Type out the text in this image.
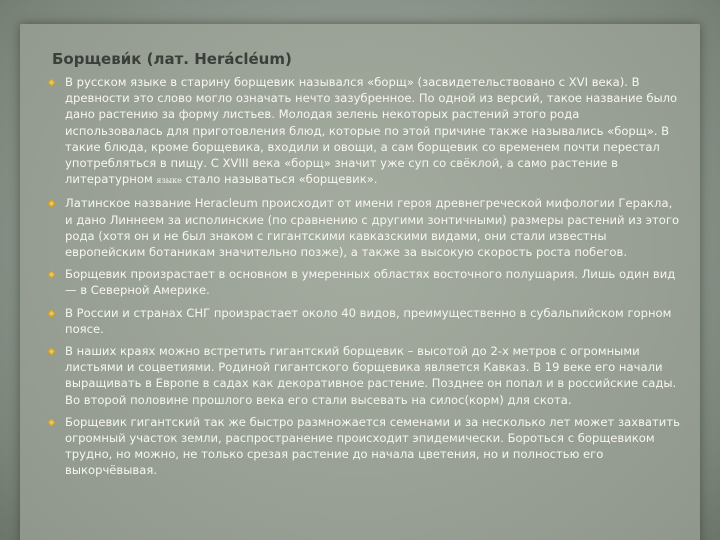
Борщеви́к (лат. Herácléum)

В русском языке в старину борщевик назывался «борщ» (засвидетельствовано с XVI века). В древности это слово могло означать нечто зазубренное. По одной из версий, такое название было дано растению за форму листьев. Молодая зелень некоторых растений этого рода использовалась для приготовления блюд, которые по этой причине также назывались «борщ». В такие блюда, кроме борщевика, входили и овощи, а сам борщевик со временем почти перестал употребляться в пищу. С XVIII века «борщ» значит уже суп со свёклой, а само растение в литературном языке стало называться «борщевик».

Латинское название Heracleum происходит от имени героя древнегреческой мифологии Геракла, и дано Линнеем за исполинские (по сравнению с другими зонтичными) размеры растений из этого рода (хотя он и не был знаком с гигантскими кавказскими видами, они стали известны европейским ботаникам значительно позже), а также за высокую скорость роста побегов.

Борщевик произрастает в основном в умеренных областях восточного полушария. Лишь один вид — в Северной Америке.

В России и странах СНГ произрастает около 40 видов, преимущественно в субальпийском горном поясе.

В наших краях можно встретить гигантский борщевик – высотой до 2-х метров с огромными листьями и соцветиями. Родиной гигантского борщевика является Кавказ. В 19 веке его начали выращивать в Европе в садах как декоративное растение. Позднее он попал и в российские сады. Во второй половине прошлого века его стали высевать на силос(корм) для скота.

Борщевик гигантский так же быстро размножается семенами и за несколько лет может захватить огромный участок земли, распространение происходит эпидемически. Бороться с борщевиком трудно, но можно, не только срезая растение до начала цветения, но и полностью его выкорчёвывая.
